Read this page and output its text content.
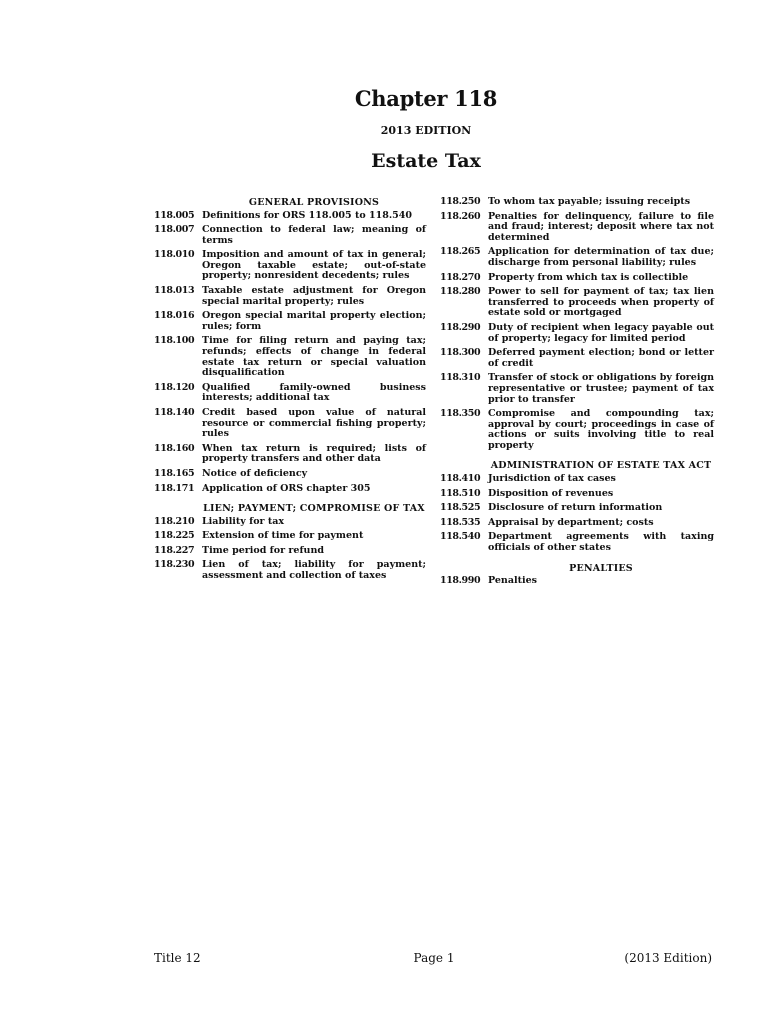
Chapter 118
2013 EDITION
Estate Tax
GENERAL PROVISIONS
118.005 Definitions for ORS 118.005 to 118.540
118.007 Connection to federal law; meaning of terms
118.010 Imposition and amount of tax in general; Oregon taxable estate; out-of-state property; nonresident decedents; rules
118.013 Taxable estate adjustment for Oregon special marital property; rules
118.016 Oregon special marital property election; rules; form
118.100 Time for filing return and paying tax; refunds; effects of change in federal estate tax return or special valuation disqualification
118.120 Qualified family-owned business interests; additional tax
118.140 Credit based upon value of natural resource or commercial fishing property; rules
118.160 When tax return is required; lists of property transfers and other data
118.165 Notice of deficiency
118.171 Application of ORS chapter 305
LIEN; PAYMENT; COMPROMISE OF TAX
118.210 Liability for tax
118.225 Extension of time for payment
118.227 Time period for refund
118.230 Lien of tax; liability for payment; assessment and collection of taxes
118.250 To whom tax payable; issuing receipts
118.260 Penalties for delinquency, failure to file and fraud; interest; deposit where tax not determined
118.265 Application for determination of tax due; discharge from personal liability; rules
118.270 Property from which tax is collectible
118.280 Power to sell for payment of tax; tax lien transferred to proceeds when property of estate sold or mortgaged
118.290 Duty of recipient when legacy payable out of property; legacy for limited period
118.300 Deferred payment election; bond or letter of credit
118.310 Transfer of stock or obligations by foreign representative or trustee; payment of tax prior to transfer
118.350 Compromise and compounding tax; approval by court; proceedings in case of actions or suits involving title to real property
ADMINISTRATION OF ESTATE TAX ACT
118.410 Jurisdiction of tax cases
118.510 Disposition of revenues
118.525 Disclosure of return information
118.535 Appraisal by department; costs
118.540 Department agreements with taxing officials of other states
PENALTIES
118.990 Penalties
Title 12	Page 1	(2013 Edition)
